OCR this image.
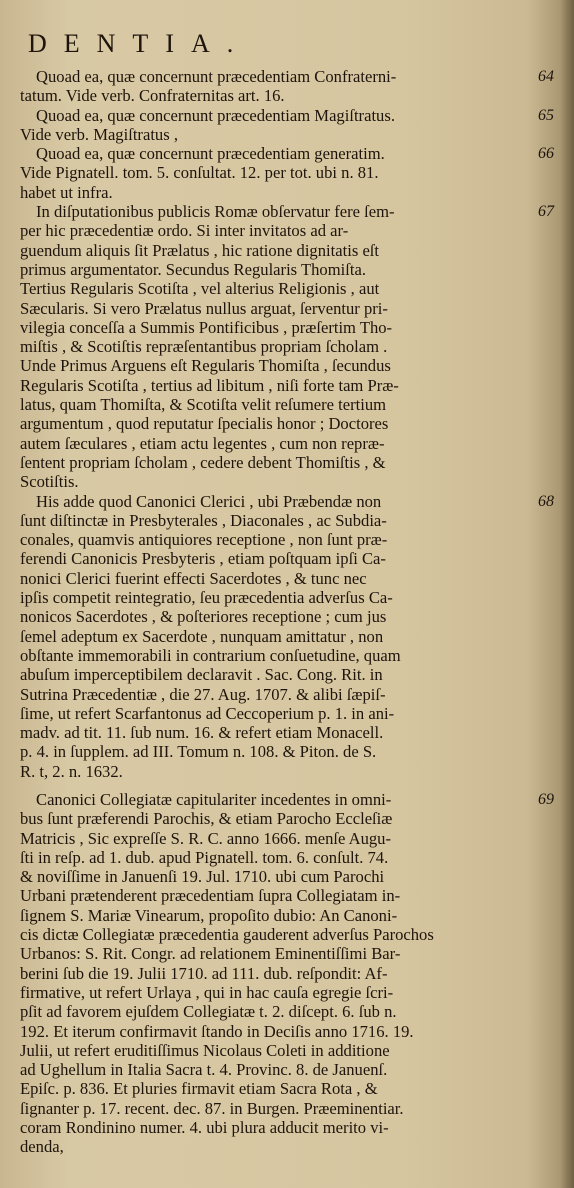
DENTIA.
64
Quoad ea, quæ concernunt præcedentiam Confraterni-
tatum. Vide verb. Confraternitas art. 16.
65
Quoad ea, quæ concernunt præcedentiam Magiſtratus.
Vide verb. Magiſtratus ,
66
Quoad ea, quæ concernunt præcedentiam generatim.
Vide Pignatell. tom. 5. conſultat. 12. per tot. ubi n. 81.
habet ut infra.
67
In diſputationibus publicis Romæ obſervatur fere ſem-
per hic præcedentiæ ordo. Si inter invitatos ad ar-
guendum aliquis ſit Prælatus , hic ratione dignitatis eſt
primus argumentator. Secundus Regularis Thomiſta.
Tertius Regularis Scotiſta , vel alterius Religionis , aut
Sæcularis. Si vero Prælatus nullus arguat, ſerventur pri-
vilegia conceſſa a Summis Pontificibus , præſertim Tho-
miſtis , & Scotiſtis repræſentantibus propriam ſcholam .
Unde Primus Arguens eſt Regularis Thomiſta , ſecundus
Regularis Scotiſta , tertius ad libitum , niſi forte tam Præ-
latus, quam Thomiſta, & Scotiſta velit reſumere tertium
argumentum , quod reputatur ſpecialis honor ; Doctores
autem ſæculares , etiam actu legentes , cum non repræ-
ſentent propriam ſcholam , cedere debent Thomiſtis , &
Scotiſtis.
68
His adde quod Canonici Clerici , ubi Præbendæ non
ſunt diſtinctæ in Presbyterales , Diaconales , ac Subdia-
conales, quamvis antiquiores receptione , non ſunt præ-
ferendi Canonicis Presbyteris , etiam poſtquam ipſi Ca-
nonici Clerici fuerint effecti Sacerdotes , & tunc nec
ipſis competit reintegratio, ſeu præcedentia adverſus Ca-
nonicos Sacerdotes , & poſteriores receptione ; cum jus
ſemel adeptum ex Sacerdote , nunquam amittatur , non
obſtante immemorabili in contrarium conſuetudine, quam
abuſum imperceptibilem declaravit . Sac. Cong. Rit. in
Sutrina Præcedentiæ , die 27. Aug. 1707. & alibi ſæpiſ-
ſime, ut refert Scarfantonus ad Ceccoperium p. 1. in ani-
madv. ad tit. 11. ſub num. 16. & refert etiam Monacell.
p. 4. in ſupplem. ad III. Tomum n. 108. & Piton. de S.
R. t, 2. n. 1632.
69
Canonici Collegiatæ capitulariter incedentes in omni-
bus ſunt præferendi Parochis, & etiam Parocho Eccleſiæ
Matricis , Sic expreſſe S. R. C. anno 1666. menſe Augu-
ſti in reſp. ad 1. dub. apud Pignatell. tom. 6. conſult. 74.
& noviſſime in Januenſi 19. Jul. 1710. ubi cum Parochi
Urbani prætenderent præcedentiam ſupra Collegiatam in-
ſignem S. Mariæ Vinearum, propoſito dubio: An Canoni-
cis dictæ Collegiatæ præcedentia gauderent adverſus Parochos
Urbanos: S. Rit. Congr. ad relationem Eminentiſſimi Bar-
berini ſub die 19. Julii 1710. ad 111. dub. reſpondit: Af-
firmative, ut refert Urlaya , qui in hac cauſa egregie ſcri-
pſit ad favorem ejuſdem Collegiatæ t. 2. diſcept. 6. ſub n.
192. Et iterum confirmavit ſtando in Deciſis anno 1716. 19.
Julii, ut refert eruditiſſimus Nicolaus Coleti in additione
ad Ughellum in Italia Sacra t. 4. Provinc. 8. de Januenſ.
Epiſc. p. 836. Et pluries firmavit etiam Sacra Rota , &
ſignanter p. 17. recent. dec. 87. in Burgen. Præeminentiar.
coram Rondinino numer. 4. ubi plura adducit merito vi-
denda,
